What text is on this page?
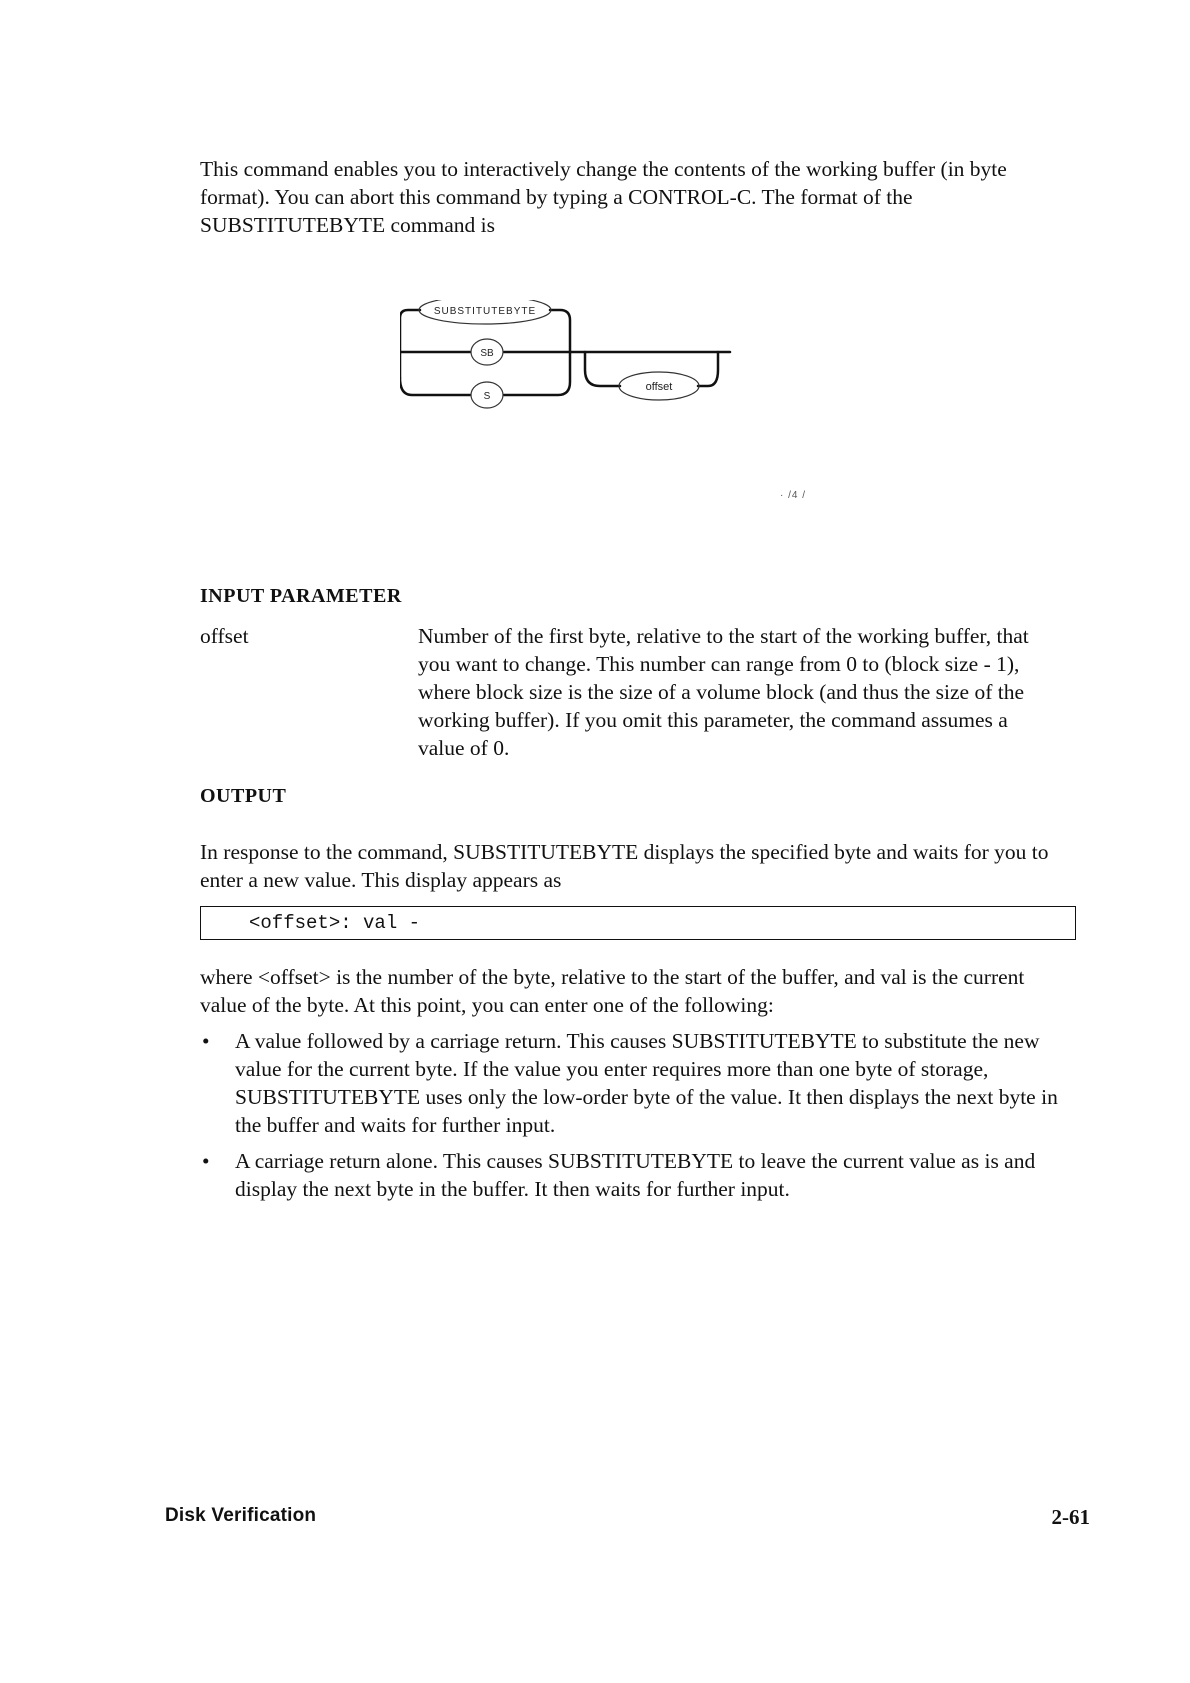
This command enables you to interactively change the contents of the working buffer (in byte format). You can abort this command by typing a CONTROL-C. The format of the SUBSTITUTEBYTE command is

SUBSTITUTEBYTE
SB
S
offset
· /4 /
INPUT PARAMETER
offset	Number of the first byte, relative to the start of the working buffer, that you want to change. This number can range from 0 to (block size - 1), where block size is the size of a volume block (and thus the size of the working buffer). If you omit this parameter, the command assumes a value of 0.

OUTPUT

In response to the command, SUBSTITUTEBYTE displays the specified byte and waits for you to enter a new value. This display appears as

<offset>: val -

where <offset> is the number of the byte, relative to the start of the buffer, and val is the current value of the byte. At this point, you can enter one of the following:

• A value followed by a carriage return. This causes SUBSTITUTEBYTE to substitute the new value for the current byte. If the value you enter requires more than one byte of storage, SUBSTITUTEBYTE uses only the low-order byte of the value. It then displays the next byte in the buffer and waits for further input.

• A carriage return alone. This causes SUBSTITUTEBYTE to leave the current value as is and display the next byte in the buffer. It then waits for further input.

Disk Verification	2-61
